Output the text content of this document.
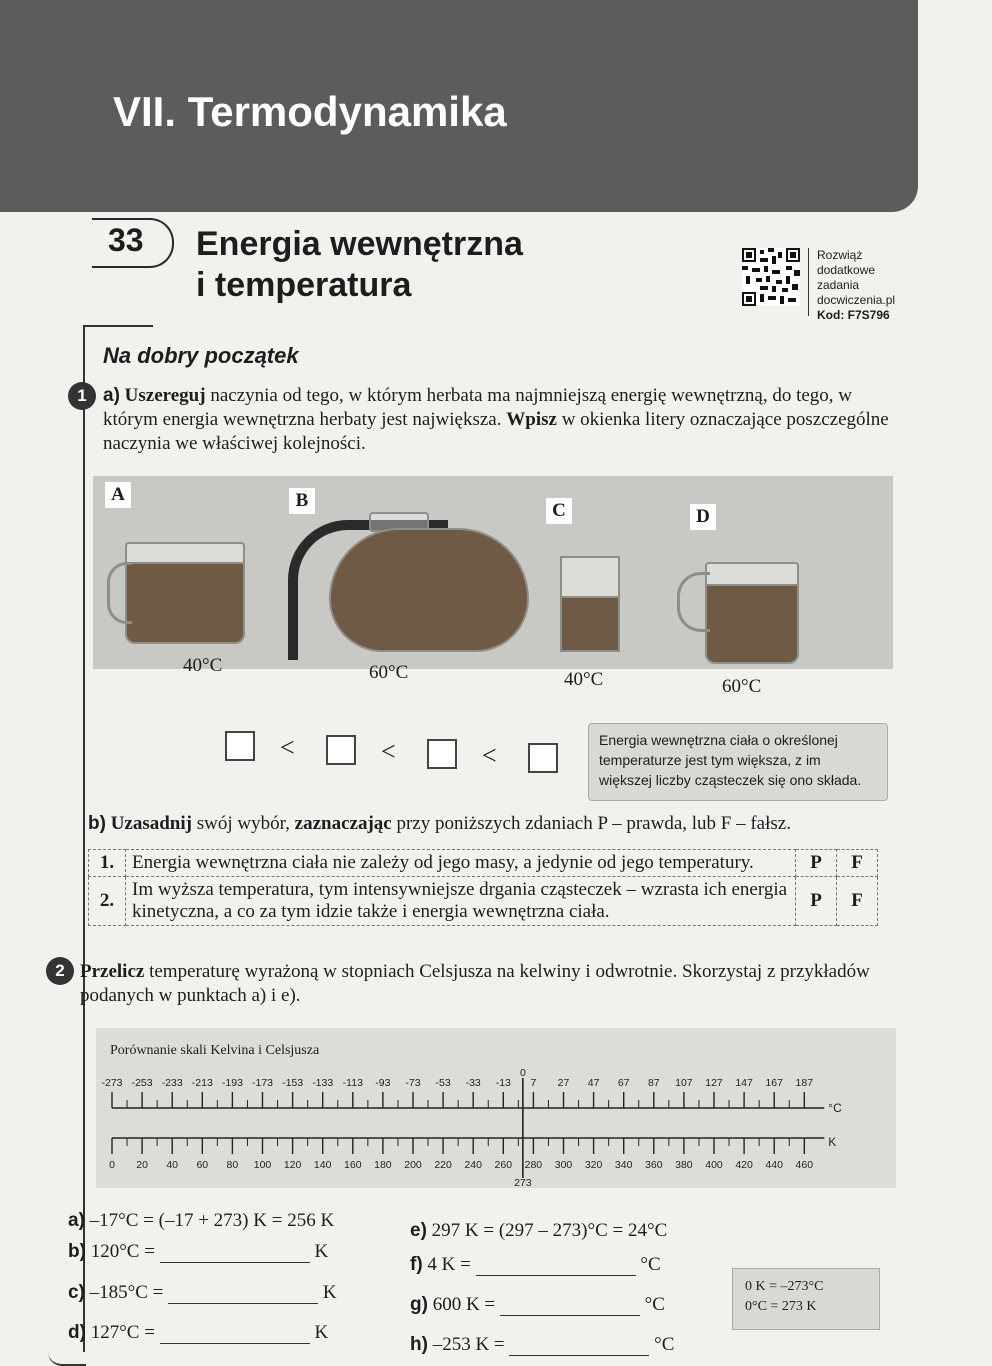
VII. Termodynamika
33 Energia wewnętrzna
i temperatura
Rozwiąż
dodatkowe
zadania
docwiczenia.pl
Kod: F7S796
Na dobry początek
1 a) Uszereguj naczynia od tego, w którym herbata ma najmniejszą energię wewnętrzną, do tego, w którym energia wewnętrzna herbaty jest największa. Wpisz w okienka litery oznaczające poszczególne naczynia we właściwej kolejności.
A	B	C	D
40°C	60°C	40°C	60°C
<	<	<
Energia wewnętrzna ciała o określonej temperaturze jest tym większa, z im większej liczby cząsteczek się ono składa.
b) Uzasadnij swój wybór, zaznaczając przy poniższych zdaniach P – prawda, lub F – fałsz.
1.	Energia wewnętrzna ciała nie zależy od jego masy, a jedynie od jego temperatury.	P	F
2.	Im wyższa temperatura, tym intensywniejsze drgania cząsteczek – wzrasta ich energia kinetyczna, a co za tym idzie także i energia wewnętrzna ciała.	P	F
2 Przelicz temperaturę wyrażoną w stopniach Celsjusza na kelwiny i odwrotnie. Skorzystaj z przykładów podanych w punktach a) i e).
Porównanie skali Kelvina i Celsjusza
-273 -253 -233 -213 -193 -173 -153 -133 -113 -93 -73 -53 -33 -13 7 27 47 67 87 107 127 147 167 187
0
°C
0 20 40 60 80 100 120 140 160 180 200 220 240 260 280 300 320 340 360 380 400 420 440 460
273
K
a) –17°C = (–17 + 273) K = 256 K
b) 120°C =	K
c) –185°C =	K
d) 127°C =	K
e) 297 K = (297 – 273)°C = 24°C
f) 4 K =	°C
g) 600 K =	°C
h) –253 K =	°C
0 K = –273°C
0°C = 273 K
